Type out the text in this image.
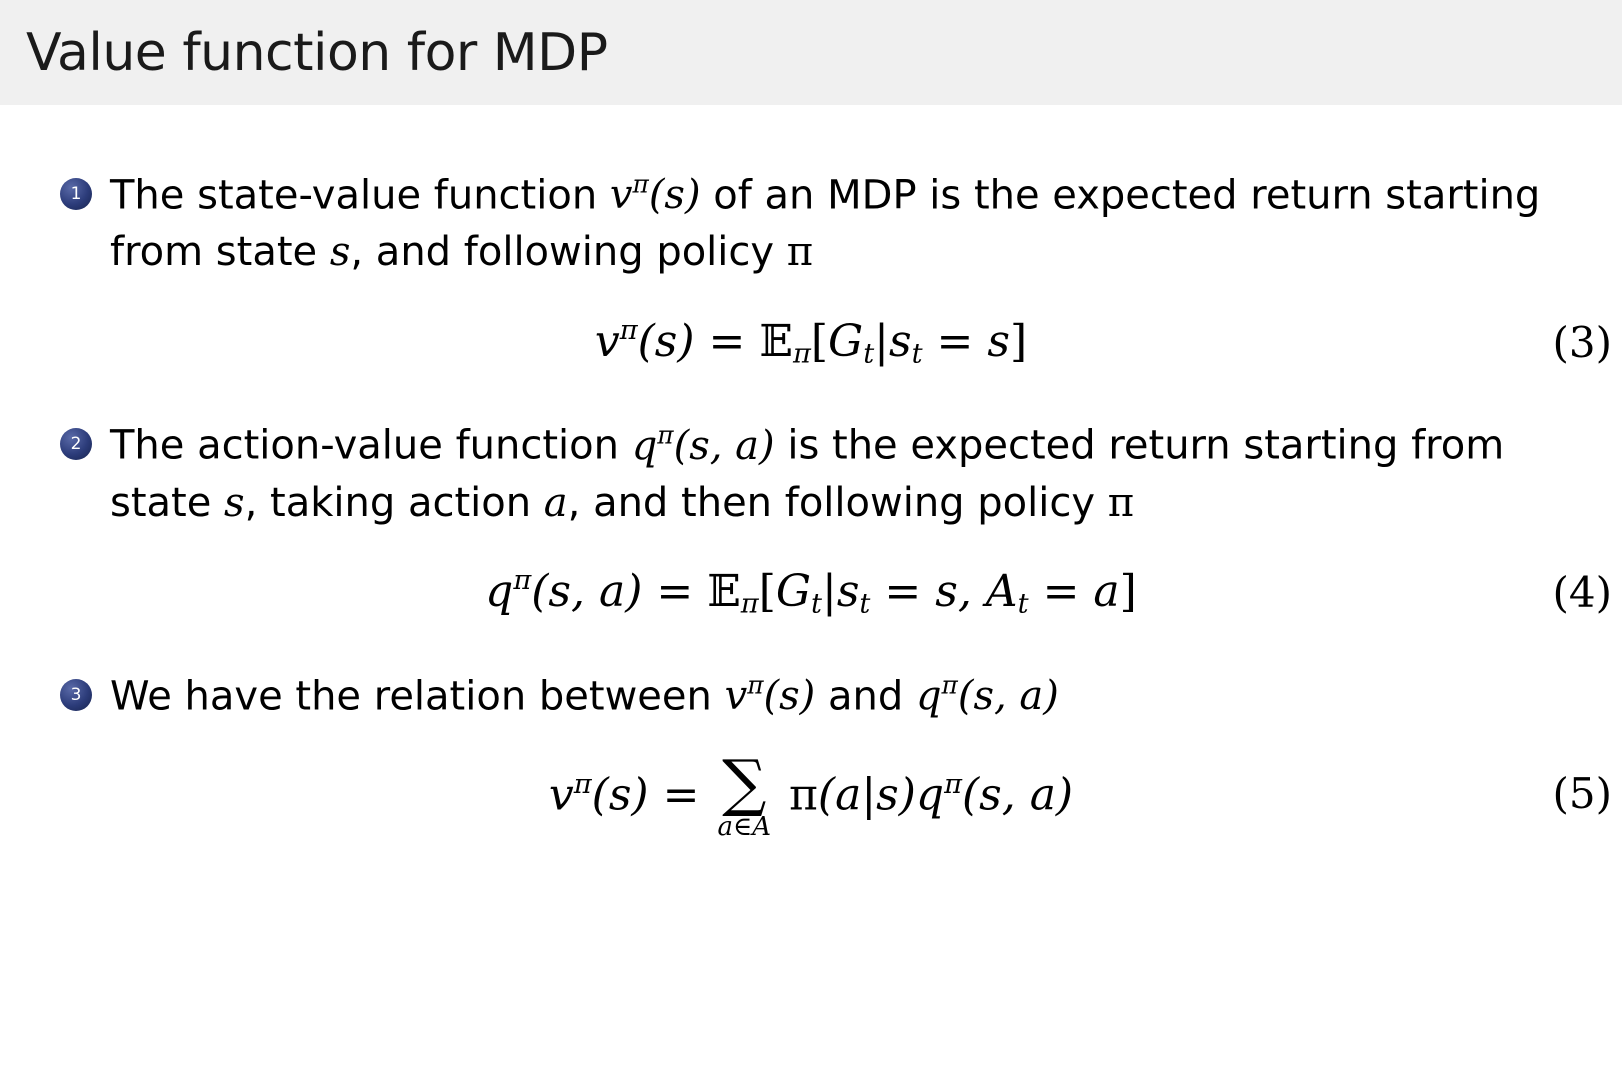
Value function for MDP
1 The state-value function $v^\pi(s)$ of an MDP is the expected return starting from state s, and following policy π
$v^\pi(s)$ = $𝔼_\pi[G_t|s_t = s]$	(3)
2 The action-value function $q^\pi(s$, a) is the expected return starting from state s, taking action a, and then following policy π
$q^\pi(s$, $a) = 𝔼_\pi[G_t|s_t = s$, $A_t = a$]	(4)
3 We have the relation between $v^\pi(s)$ and $q^\pi(s$, a)
$v^\pi(s)$ = ∑
a∈A
$\pi(a|s)q^\pi(s$, a)	(5)
